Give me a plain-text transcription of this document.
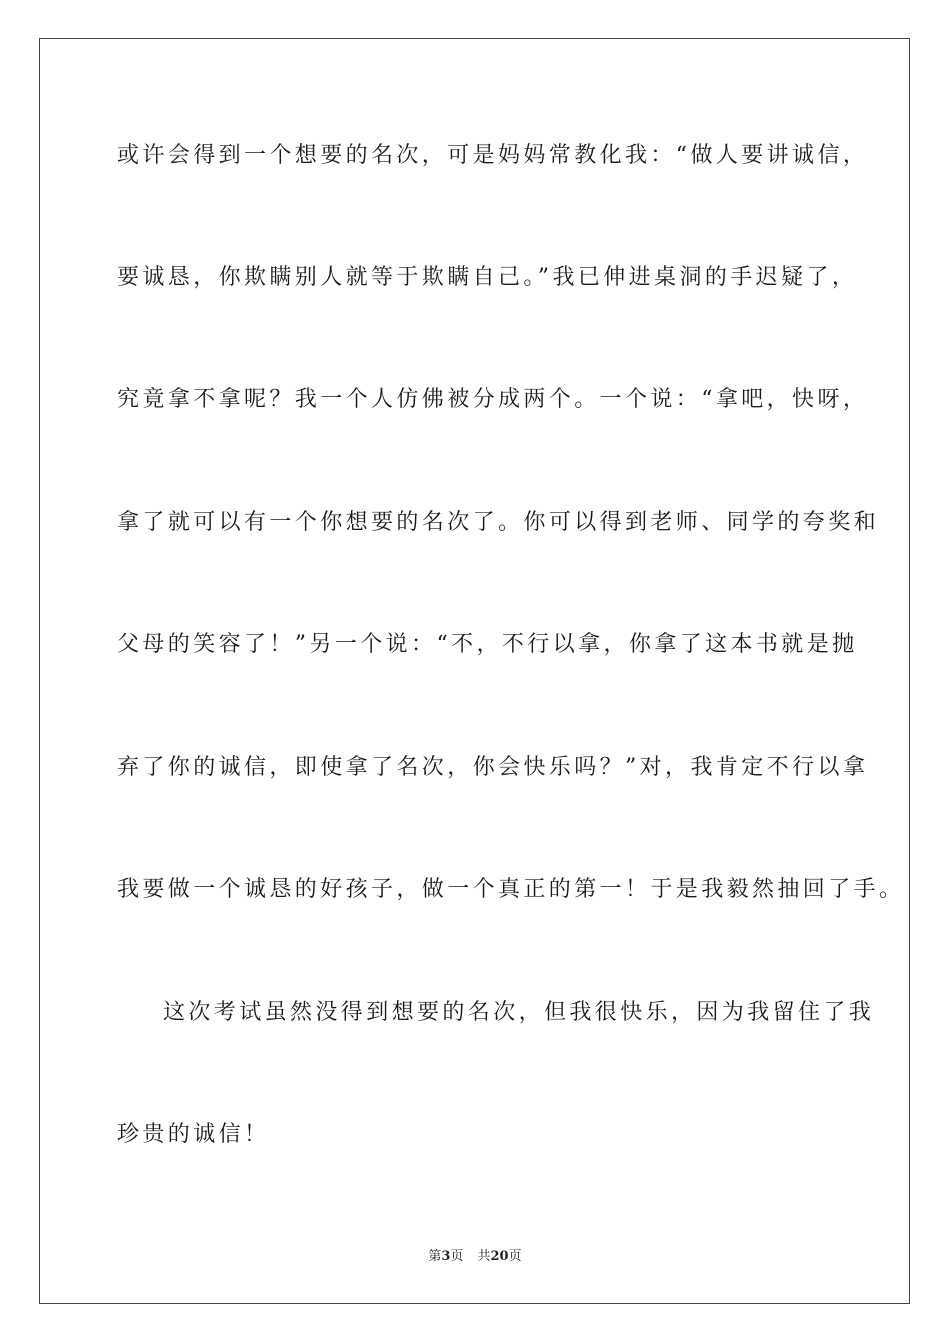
或许会得到一个想要的名次，可是妈妈常教化我：“做人要讲诚信，

要诚恳，你欺瞒别人就等于欺瞒自己。”我已伸进桌洞的手迟疑了，

究竟拿不拿呢？我一个人仿佛被分成两个。一个说：“拿吧，快呀，

拿了就可以有一个你想要的名次了。你可以得到老师、同学的夸奖和

父母的笑容了！”另一个说：“不，不行以拿，你拿了这本书就是抛

弃了你的诚信，即使拿了名次，你会快乐吗？”对，我肯定不行以拿

我要做一个诚恳的好孩子，做一个真正的第一！于是我毅然抽回了手。

这次考试虽然没得到想要的名次，但我很快乐，因为我留住了我

珍贵的诚信！

第3页 共20页
